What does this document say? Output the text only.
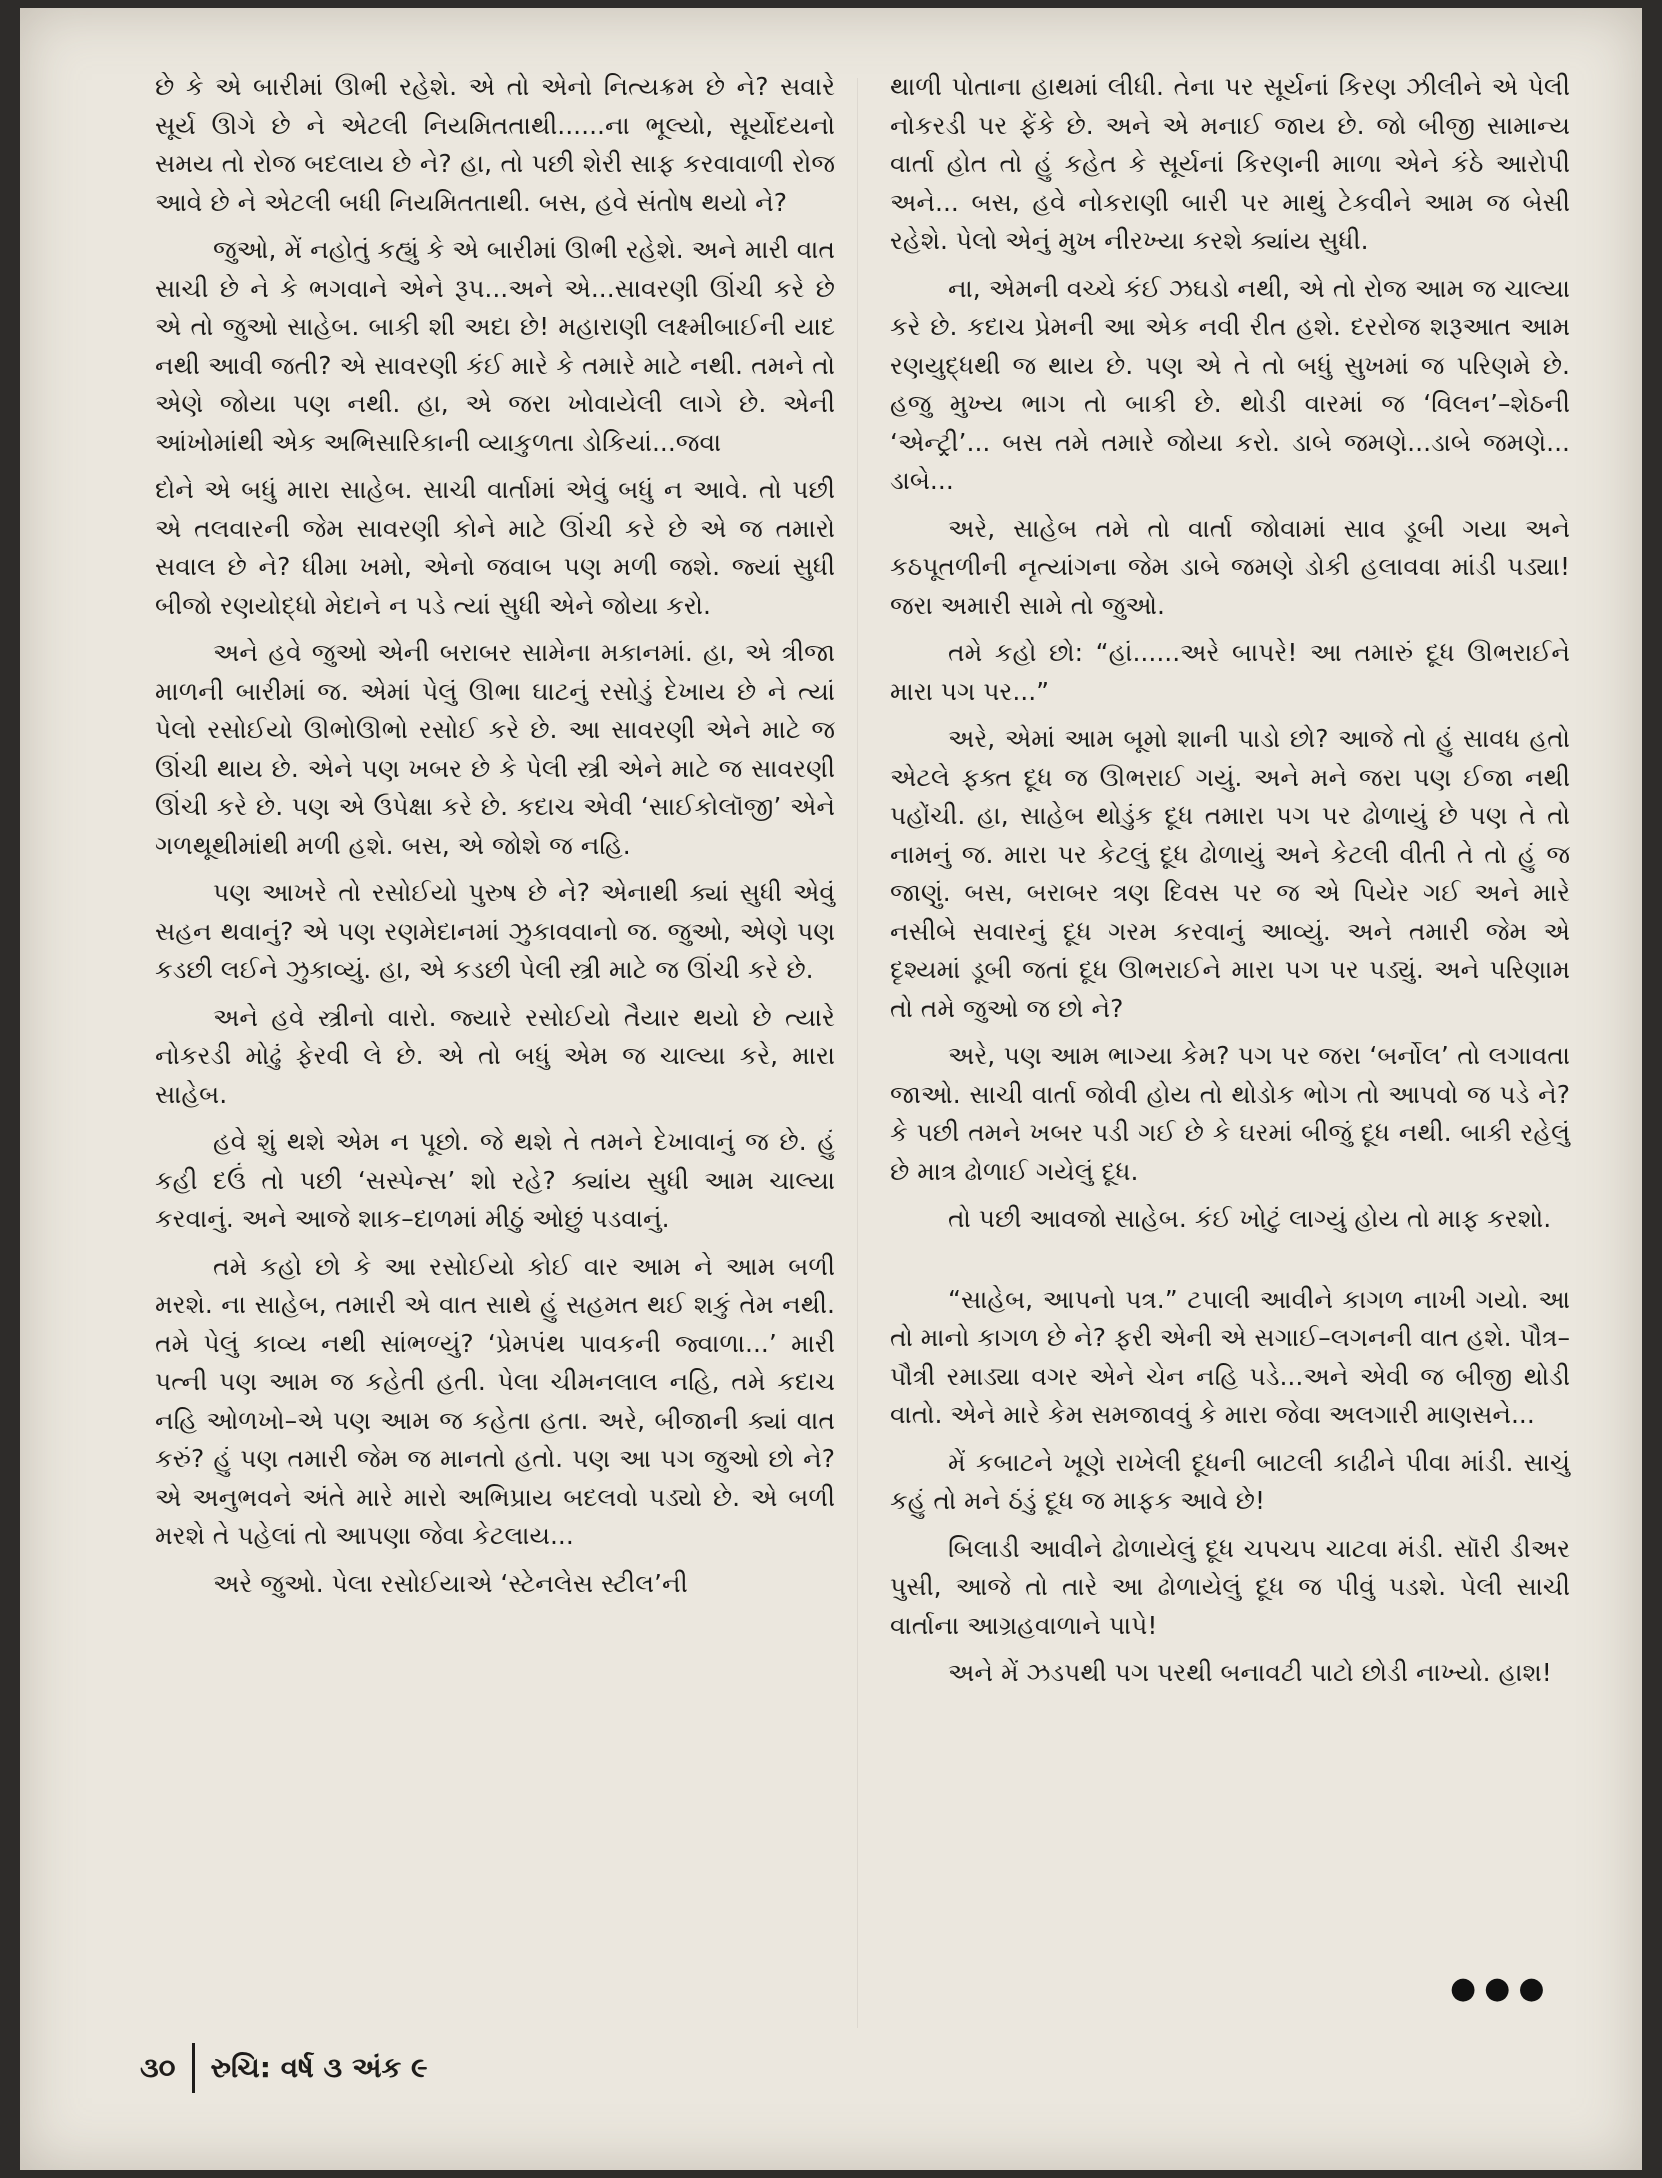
છે કે એ બારીમાં ઊભી રહેશે. એ તો એનો નિત્યક્રમ છે ને? સવારે સૂર્ય ઊગે છે ને એટલી નિયમિતતાથી......ના ભૂલ્યો, સૂર્યોદયનો સમય તો રોજ બદલાય છે ને? હા, તો પછી શેરી સાફ કરવાવાળી રોજ આવે છે ને એટલી બધી નિયમિતતાથી. બસ, હવે સંતોષ થયો ને?

જુઓ, મેં નહોતું કહ્યું કે એ બારીમાં ઊભી રહેશે. અને મારી વાત સાચી છે ને કે ભગવાને એને રૂપ...અને એ...સાવરણી ઊંચી કરે છે એ તો જુઓ સાહેબ. બાકી શી અદા છે! મહારાણી લક્ષ્મીબાઈની યાદ નથી આવી જતી? એ સાવરણી કંઈ મારે કે તમારે માટે નથી. તમને તો એણે જોયા પણ નથી. હા, એ જરા ખોવાયેલી લાગે છે. એની આંખોમાંથી એક અભિસારિકાની વ્યાકુળતા ડોકિયાં...જવા

દોને એ બધું મારા સાહેબ. સાચી વાર્તામાં એવું બધું ન આવે. તો પછી એ તલવારની જેમ સાવરણી કોને માટે ઊંચી કરે છે એ જ તમારો સવાલ છે ને? ધીમા ખમો, એનો જવાબ પણ મળી જશે. જ્યાં સુધી બીજો રણયોદ્ધો મેદાને ન પડે ત્યાં સુધી એને જોયા કરો.

અને હવે જુઓ એની બરાબર સામેના મકાનમાં. હા, એ ત્રીજા માળની બારીમાં જ. એમાં પેલું ઊભા ઘાટનું રસોડું દેખાય છે ને ત્યાં પેલો રસોઈયો ઊભોઊભો રસોઈ કરે છે. આ સાવરણી એને માટે જ ઊંચી થાય છે. એને પણ ખબર છે કે પેલી સ્ત્રી એને માટે જ સાવરણી ઊંચી કરે છે. પણ એ ઉપેક્ષા કરે છે. કદાચ એવી ‘સાઈકોલૉજી’ એને ગળથૂથીમાંથી મળી હશે. બસ, એ જોશે જ નહિ.

પણ આખરે તો રસોઈયો પુરુષ છે ને? એનાથી ક્યાં સુધી એવું સહન થવાનું? એ પણ રણમેદાનમાં ઝુકાવવાનો જ. જુઓ, એણે પણ કડછી લઈને ઝુકાવ્યું. હા, એ કડછી પેલી સ્ત્રી માટે જ ઊંચી કરે છે.

અને હવે સ્ત્રીનો વારો. જ્યારે રસોઈયો તૈયાર થયો છે ત્યારે નોકરડી મોઢું ફેરવી લે છે. એ તો બધું એમ જ ચાલ્યા કરે, મારા સાહેબ.

હવે શું થશે એમ ન પૂછો. જે થશે તે તમને દેખાવાનું જ છે. હું કહી દઉં તો પછી ‘સસ્પેન્સ’ શો રહે? ક્યાંય સુધી આમ ચાલ્યા કરવાનું. અને આજે શાક–દાળમાં મીઠું ઓછું પડવાનું.

તમે કહો છો કે આ રસોઈયો કોઈ વાર આમ ને આમ બળી મરશે. ના સાહેબ, તમારી એ વાત સાથે હું સહમત થઈ શકું તેમ નથી. તમે પેલું કાવ્ય નથી સાંભળ્યું? ‘પ્રેમપંથ પાવકની જ્વાળા...’ મારી પત્ની પણ આમ જ કહેતી હતી. પેલા ચીમનલાલ નહિ, તમે કદાચ નહિ ઓળખો–એ પણ આમ જ કહેતા હતા. અરે, બીજાની ક્યાં વાત કરું? હું પણ તમારી જેમ જ માનતો હતો. પણ આ પગ જુઓ છો ને? એ અનુભવને અંતે મારે મારો અભિપ્રાય બદલવો પડ્યો છે. એ બળી મરશે તે પહેલાં તો આપણા જેવા કેટલાય...

અરે જુઓ. પેલા રસોઈયાએ ‘સ્ટેનલેસ સ્ટીલ’ની

થાળી પોતાના હાથમાં લીધી. તેના પર સૂર્યનાં કિરણ ઝીલીને એ પેલી નોકરડી પર ફેંકે છે. અને એ મનાઈ જાય છે. જો બીજી સામાન્ય વાર્તા હોત તો હું કહેત કે સૂર્યનાં કિરણની માળા એને કંઠે આરોપી અને... બસ, હવે નોકરાણી બારી પર માથું ટેકવીને આમ જ બેસી રહેશે. પેલો એનું મુખ નીરખ્યા કરશે ક્યાંય સુધી.

ના, એમની વચ્ચે કંઈ ઝઘડો નથી, એ તો રોજ આમ જ ચાલ્યા કરે છે. કદાચ પ્રેમની આ એક નવી રીત હશે. દરરોજ શરૂઆત આમ રણયુદ્ધથી જ થાય છે. પણ એ તે તો બધું સુખમાં જ પરિણમે છે. હજુ મુખ્ય ભાગ તો બાકી છે. થોડી વારમાં જ ‘વિલન’–શેઠની ‘એન્ટ્રી’... બસ તમે તમારે જોયા કરો. ડાબે જમણે...ડાબે જમણે... ડાબે...

અરે, સાહેબ તમે તો વાર્તા જોવામાં સાવ ડૂબી ગયા અને કઠપૂતળીની નૃત્યાંગના જેમ ડાબે જમણે ડોકી હલાવવા માંડી પડ્યા! જરા અમારી સામે તો જુઓ.

તમે કહો છો: “હાં......અરે બાપરે! આ તમારું દૂધ ઊભરાઈને મારા પગ પર...”

અરે, એમાં આમ બૂમો શાની પાડો છો? આજે તો હું સાવધ હતો એટલે ફક્ત દૂધ જ ઊભરાઈ ગયું. અને મને જરા પણ ઈજા નથી પહોંચી. હા, સાહેબ થોડુંક દૂધ તમારા પગ પર ઢોળાયું છે પણ તે તો નામનું જ. મારા પર કેટલું દૂધ ઢોળાયું અને કેટલી વીતી તે તો હું જ જાણું. બસ, બરાબર ત્રણ દિવસ પર જ એ પિયેર ગઈ અને મારે નસીબે સવારનું દૂધ ગરમ કરવાનું આવ્યું. અને તમારી જેમ એ દૃશ્યમાં ડૂબી જતાં દૂધ ઊભરાઈને મારા પગ પર પડ્યું. અને પરિણામ તો તમે જુઓ જ છો ને?

અરે, પણ આમ ભાગ્યા કેમ? પગ પર જરા ‘બર્નોલ’ તો લગાવતા જાઓ. સાચી વાર્તા જોવી હોય તો થોડોક ભોગ તો આપવો જ પડે ને? કે પછી તમને ખબર પડી ગઈ છે કે ઘરમાં બીજું દૂધ નથી. બાકી રહેલું છે માત્ર ઢોળાઈ ગયેલું દૂધ.

તો પછી આવજો સાહેબ. કંઈ ખોટું લાગ્યું હોય તો માફ કરશો.

“સાહેબ, આપનો પત્ર.” ટપાલી આવીને કાગળ નાખી ગયો. આ તો માનો કાગળ છે ને? ફરી એની એ સગાઈ–લગનની વાત હશે. પૌત્ર–પૌત્રી રમાડ્યા વગર એને ચેન નહિ પડે...અને એવી જ બીજી થોડી વાતો. એને મારે કેમ સમજાવવું કે મારા જેવા અલગારી માણસને...

મેં કબાટને ખૂણે રાખેલી દૂધની બાટલી કાઢીને પીવા માંડી. સાચું કહું તો મને ઠંડું દૂધ જ માફક આવે છે!

બિલાડી આવીને ઢોળાયેલું દૂધ ચપચપ ચાટવા મંડી. સૉરી ડીઅર પુસી, આજે તો તારે આ ઢોળાયેલું દૂધ જ પીવું પડશે. પેલી સાચી વાર્તાના આગ્રહવાળાને પાપે!

અને મેં ઝડપથી પગ પરથી બનાવટી પાટો છોડી નાખ્યો. હાશ!

●●●
૩૦ રુચિ: વર્ષ ૩ અંક ૯
